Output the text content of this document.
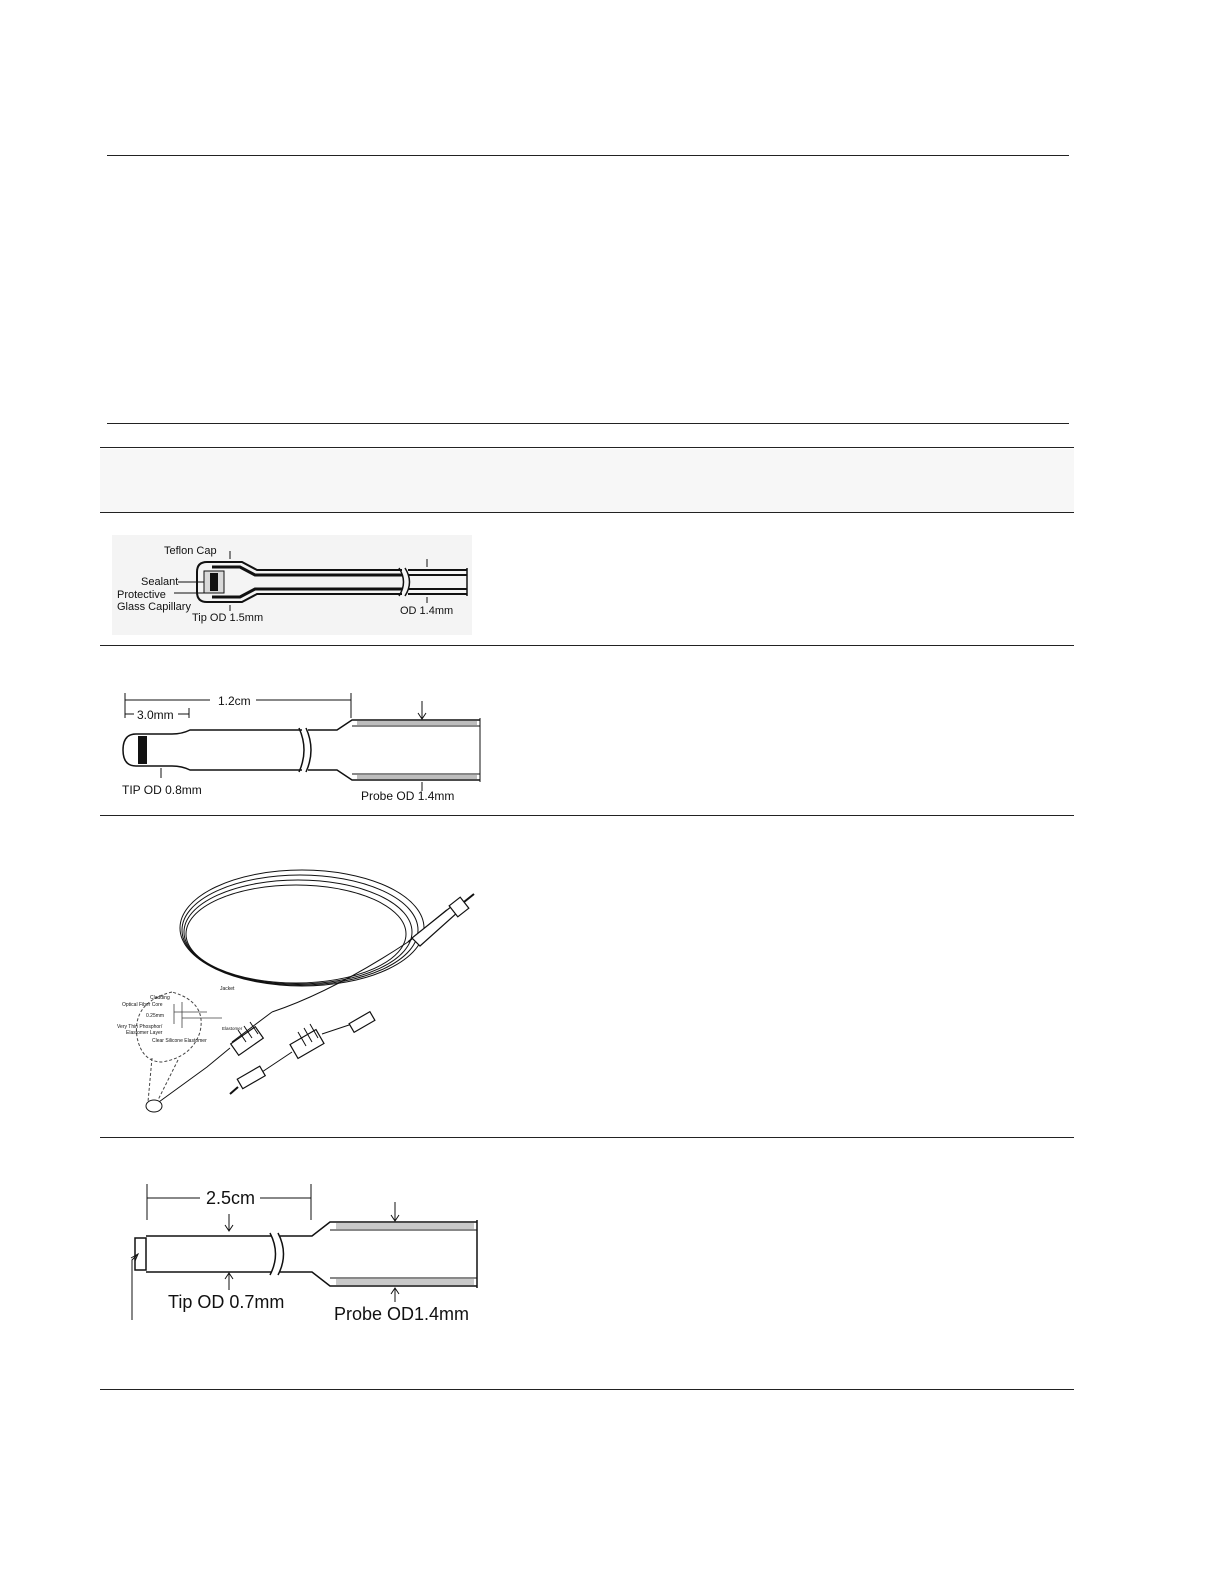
Teflon Cap
Sealant
Protective
Glass Capillary
Tip OD 1.5mm
OD 1.4mm
1.2cm
3.0mm
TIP OD 0.8mm	Probe OD 1.4mm
Jacket
Cladding
Optical Fiber Core
0.25mm
Elastomer
Very Thin Phosphor/
Elastomer Layer
Clear Silicone Elastomer
2.5cm
Tip OD 0.7mm
Probe OD1.4mm
